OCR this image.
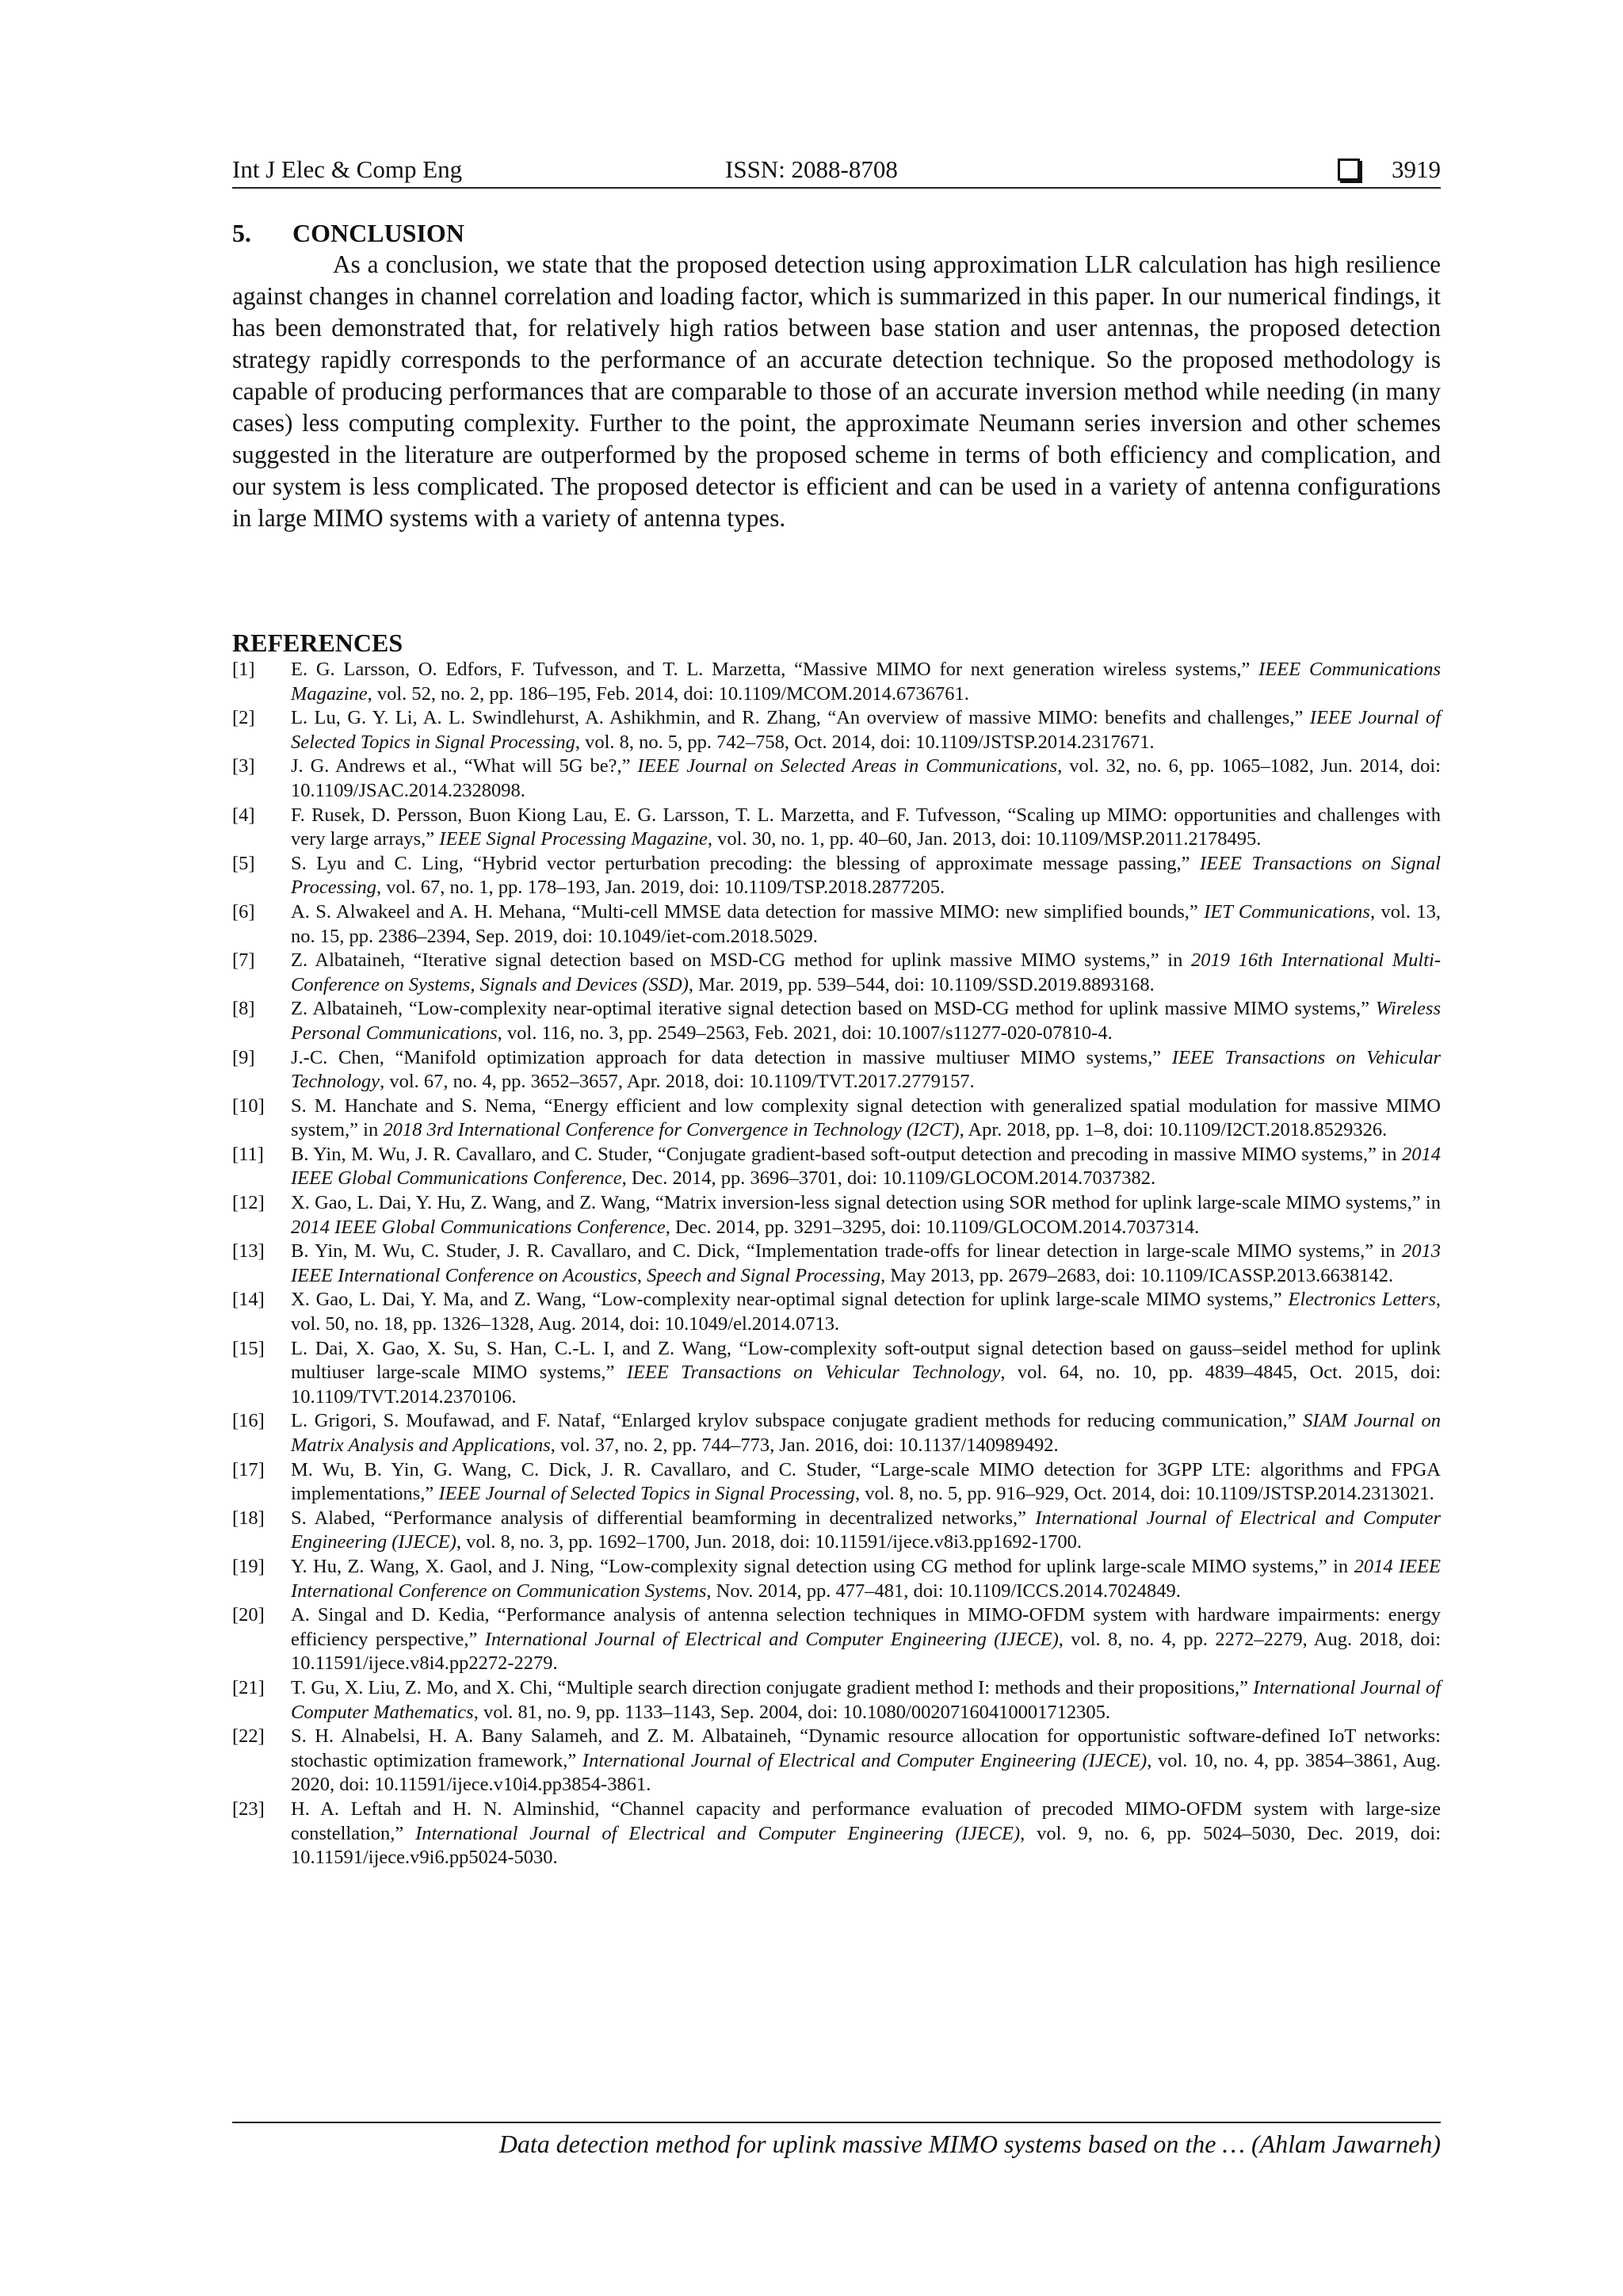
Int J Elec & Comp Eng	ISSN: 2088-8708	3919
5. CONCLUSION

As a conclusion, we state that the proposed detection using approximation LLR calculation has high resilience against changes in channel correlation and loading factor, which is summarized in this paper. In our numerical findings, it has been demonstrated that, for relatively high ratios between base station and user antennas, the proposed detection strategy rapidly corresponds to the performance of an accurate detection technique. So the proposed methodology is capable of producing performances that are comparable to those of an accurate inversion method while needing (in many cases) less computing complexity. Further to the point, the approximate Neumann series inversion and other schemes suggested in the literature are outperformed by the proposed scheme in terms of both efficiency and complication, and our system is less complicated. The proposed detector is efficient and can be used in a variety of antenna configurations in large MIMO systems with a variety of antenna types.

REFERENCES
[1]	E. G. Larsson, O. Edfors, F. Tufvesson, and T. L. Marzetta, “Massive MIMO for next generation wireless systems,” IEEE Communications Magazine, vol. 52, no. 2, pp. 186–195, Feb. 2014, doi: 10.1109/MCOM.2014.6736761.
[2]	L. Lu, G. Y. Li, A. L. Swindlehurst, A. Ashikhmin, and R. Zhang, “An overview of massive MIMO: benefits and challenges,” IEEE Journal of Selected Topics in Signal Processing, vol. 8, no. 5, pp. 742–758, Oct. 2014, doi: 10.1109/JSTSP.2014.2317671.
[3]	J. G. Andrews et al., “What will 5G be?,” IEEE Journal on Selected Areas in Communications, vol. 32, no. 6, pp. 1065–1082, Jun. 2014, doi: 10.1109/JSAC.2014.2328098.
[4]	F. Rusek, D. Persson, Buon Kiong Lau, E. G. Larsson, T. L. Marzetta, and F. Tufvesson, “Scaling up MIMO: opportunities and challenges with very large arrays,” IEEE Signal Processing Magazine, vol. 30, no. 1, pp. 40–60, Jan. 2013, doi: 10.1109/MSP.2011.2178495.
[5]	S. Lyu and C. Ling, “Hybrid vector perturbation precoding: the blessing of approximate message passing,” IEEE Transactions on Signal Processing, vol. 67, no. 1, pp. 178–193, Jan. 2019, doi: 10.1109/TSP.2018.2877205.
[6]	A. S. Alwakeel and A. H. Mehana, “Multi-cell MMSE data detection for massive MIMO: new simplified bounds,” IET Communications, vol. 13, no. 15, pp. 2386–2394, Sep. 2019, doi: 10.1049/iet-com.2018.5029.
[7]	Z. Albataineh, “Iterative signal detection based on MSD-CG method for uplink massive MIMO systems,” in 2019 16th International Multi-Conference on Systems, Signals and Devices (SSD), Mar. 2019, pp. 539–544, doi: 10.1109/SSD.2019.8893168.
[8]	Z. Albataineh, “Low-complexity near-optimal iterative signal detection based on MSD-CG method for uplink massive MIMO systems,” Wireless Personal Communications, vol. 116, no. 3, pp. 2549–2563, Feb. 2021, doi: 10.1007/s11277-020-07810-4.
[9]	J.-C. Chen, “Manifold optimization approach for data detection in massive multiuser MIMO systems,” IEEE Transactions on Vehicular Technology, vol. 67, no. 4, pp. 3652–3657, Apr. 2018, doi: 10.1109/TVT.2017.2779157.
[10]	S. M. Hanchate and S. Nema, “Energy efficient and low complexity signal detection with generalized spatial modulation for massive MIMO system,” in 2018 3rd International Conference for Convergence in Technology (I2CT), Apr. 2018, pp. 1–8, doi: 10.1109/I2CT.2018.8529326.
[11]	B. Yin, M. Wu, J. R. Cavallaro, and C. Studer, “Conjugate gradient-based soft-output detection and precoding in massive MIMO systems,” in 2014 IEEE Global Communications Conference, Dec. 2014, pp. 3696–3701, doi: 10.1109/GLOCOM.2014.7037382.
[12]	X. Gao, L. Dai, Y. Hu, Z. Wang, and Z. Wang, “Matrix inversion-less signal detection using SOR method for uplink large-scale MIMO systems,” in 2014 IEEE Global Communications Conference, Dec. 2014, pp. 3291–3295, doi: 10.1109/GLOCOM.2014.7037314.
[13]	B. Yin, M. Wu, C. Studer, J. R. Cavallaro, and C. Dick, “Implementation trade-offs for linear detection in large-scale MIMO systems,” in 2013 IEEE International Conference on Acoustics, Speech and Signal Processing, May 2013, pp. 2679–2683, doi: 10.1109/ICASSP.2013.6638142.
[14]	X. Gao, L. Dai, Y. Ma, and Z. Wang, “Low-complexity near-optimal signal detection for uplink large-scale MIMO systems,” Electronics Letters, vol. 50, no. 18, pp. 1326–1328, Aug. 2014, doi: 10.1049/el.2014.0713.
[15]	L. Dai, X. Gao, X. Su, S. Han, C.-L. I, and Z. Wang, “Low-complexity soft-output signal detection based on gauss–seidel method for uplink multiuser large-scale MIMO systems,” IEEE Transactions on Vehicular Technology, vol. 64, no. 10, pp. 4839–4845, Oct. 2015, doi: 10.1109/TVT.2014.2370106.
[16]	L. Grigori, S. Moufawad, and F. Nataf, “Enlarged krylov subspace conjugate gradient methods for reducing communication,” SIAM Journal on Matrix Analysis and Applications, vol. 37, no. 2, pp. 744–773, Jan. 2016, doi: 10.1137/140989492.
[17]	M. Wu, B. Yin, G. Wang, C. Dick, J. R. Cavallaro, and C. Studer, “Large-scale MIMO detection for 3GPP LTE: algorithms and FPGA implementations,” IEEE Journal of Selected Topics in Signal Processing, vol. 8, no. 5, pp. 916–929, Oct. 2014, doi: 10.1109/JSTSP.2014.2313021.
[18]	S. Alabed, “Performance analysis of differential beamforming in decentralized networks,” International Journal of Electrical and Computer Engineering (IJECE), vol. 8, no. 3, pp. 1692–1700, Jun. 2018, doi: 10.11591/ijece.v8i3.pp1692-1700.
[19]	Y. Hu, Z. Wang, X. Gaol, and J. Ning, “Low-complexity signal detection using CG method for uplink large-scale MIMO systems,” in 2014 IEEE International Conference on Communication Systems, Nov. 2014, pp. 477–481, doi: 10.1109/ICCS.2014.7024849.
[20]	A. Singal and D. Kedia, “Performance analysis of antenna selection techniques in MIMO-OFDM system with hardware impairments: energy efficiency perspective,” International Journal of Electrical and Computer Engineering (IJECE), vol. 8, no. 4, pp. 2272–2279, Aug. 2018, doi: 10.11591/ijece.v8i4.pp2272-2279.
[21]	T. Gu, X. Liu, Z. Mo, and X. Chi, “Multiple search direction conjugate gradient method I: methods and their propositions,” International Journal of Computer Mathematics, vol. 81, no. 9, pp. 1133–1143, Sep. 2004, doi: 10.1080/00207160410001712305.
[22]	S. H. Alnabelsi, H. A. Bany Salameh, and Z. M. Albataineh, “Dynamic resource allocation for opportunistic software-defined IoT networks: stochastic optimization framework,” International Journal of Electrical and Computer Engineering (IJECE), vol. 10, no. 4, pp. 3854–3861, Aug. 2020, doi: 10.11591/ijece.v10i4.pp3854-3861.
[23]	H. A. Leftah and H. N. Alminshid, “Channel capacity and performance evaluation of precoded MIMO-OFDM system with large-size constellation,” International Journal of Electrical and Computer Engineering (IJECE), vol. 9, no. 6, pp. 5024–5030, Dec. 2019, doi: 10.11591/ijece.v9i6.pp5024-5030.
Data detection method for uplink massive MIMO systems based on the … (Ahlam Jawarneh)
